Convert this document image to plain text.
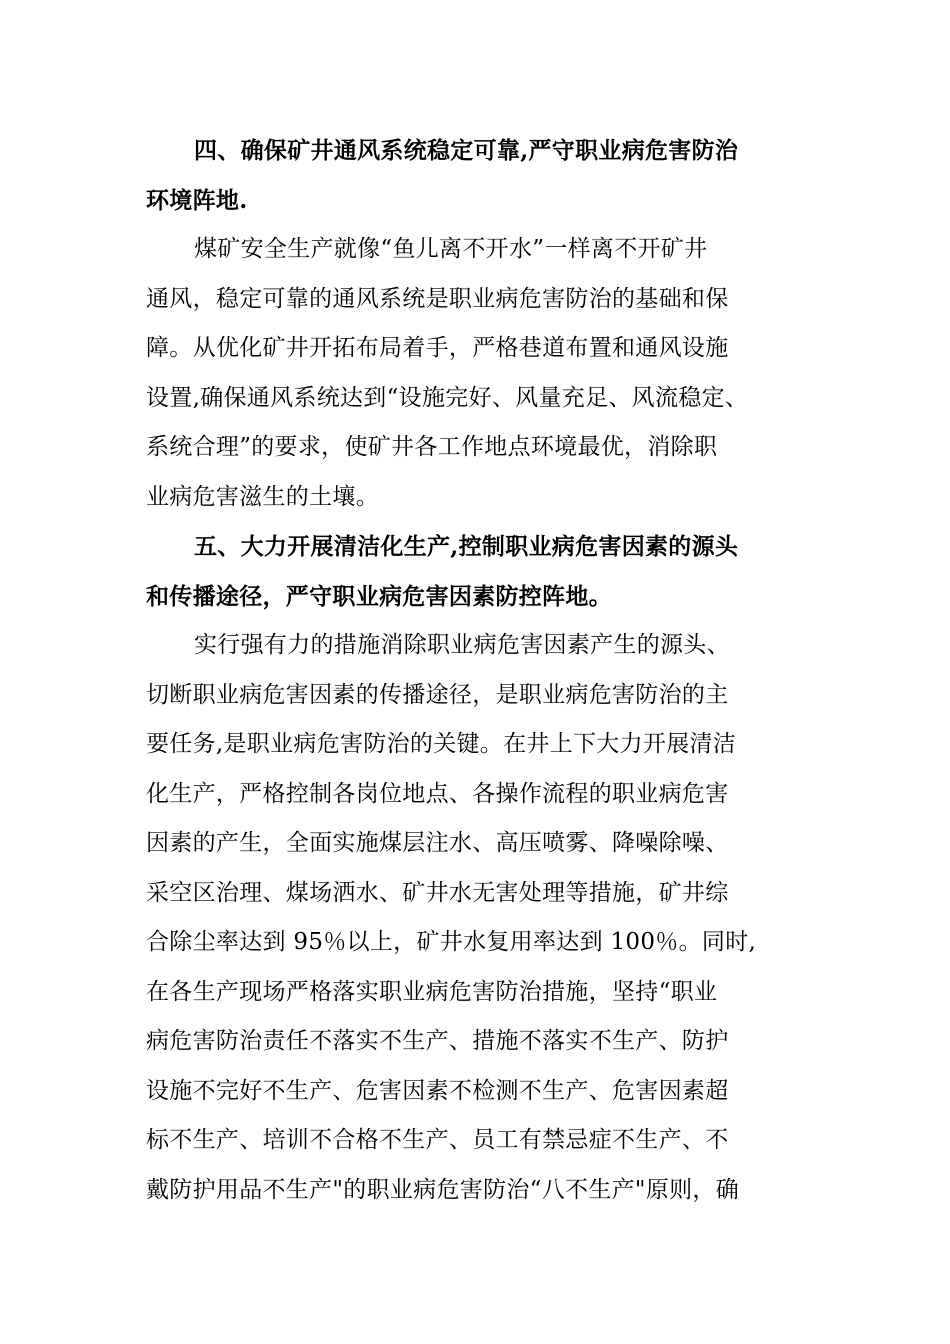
四、确保矿井通风系统稳定可靠,严守职业病危害防治
环境阵地.
煤矿安全生产就像“鱼儿离不开水”一样离不开矿井
通风，稳定可靠的通风系统是职业病危害防治的基础和保
障。从优化矿井开拓布局着手，严格巷道布置和通风设施
设置,确保通风系统达到“设施完好、风量充足、风流稳定、
系统合理”的要求，使矿井各工作地点环境最优，消除职
业病危害滋生的土壤。
五、大力开展清洁化生产,控制职业病危害因素的源头
和传播途径，严守职业病危害因素防控阵地。
实行强有力的措施消除职业病危害因素产生的源头、
切断职业病危害因素的传播途径，是职业病危害防治的主
要任务,是职业病危害防治的关键。在井上下大力开展清洁
化生产，严格控制各岗位地点、各操作流程的职业病危害
因素的产生，全面实施煤层注水、高压喷雾、降噪除噪、
采空区治理、煤场洒水、矿井水无害处理等措施，矿井综
合除尘率达到 95％以上，矿井水复用率达到 100％。同时,
在各生产现场严格落实职业病危害防治措施，坚持“职业
病危害防治责任不落实不生产、措施不落实不生产、防护
设施不完好不生产、危害因素不检测不生产、危害因素超
标不生产、培训不合格不生产、员工有禁忌症不生产、不
戴防护用品不生产"的职业病危害防治“八不生产"原则，确
